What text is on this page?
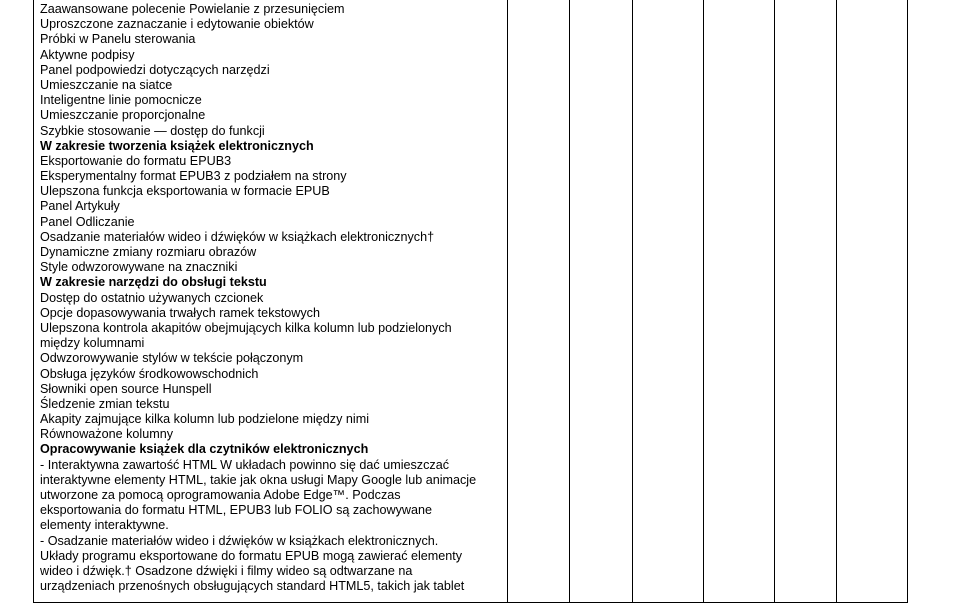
Zaawansowane polecenie Powielanie z przesunięciem
Uproszczone zaznaczanie i edytowanie obiektów
Próbki w Panelu sterowania
Aktywne podpisy
Panel podpowiedzi dotyczących narzędzi
Umieszczanie na siatce
Inteligentne linie pomocnicze
Umieszczanie proporcjonalne
Szybkie stosowanie ― dostęp do funkcji
W zakresie tworzenia książek elektronicznych
Eksportowanie do formatu EPUB3
Eksperymentalny format EPUB3 z podziałem na strony
Ulepszona funkcja eksportowania w formacie EPUB
Panel Artykuły
Panel Odliczanie
Osadzanie materiałów wideo i dźwięków w książkach elektronicznych†
Dynamiczne zmiany rozmiaru obrazów
Style odwzorowywane na znaczniki
W zakresie narzędzi do obsługi tekstu
Dostęp do ostatnio używanych czcionek
Opcje dopasowywania trwałych ramek tekstowych
Ulepszona kontrola akapitów obejmujących kilka kolumn lub podzielonych
między kolumnami
Odwzorowywanie stylów w tekście połączonym
Obsługa języków środkowowschodnich
Słowniki open source Hunspell
Śledzenie zmian tekstu
Akapity zajmujące kilka kolumn lub podzielone między nimi
Równoważone kolumny
Opracowywanie książek dla czytników elektronicznych
- Interaktywna zawartość HTML W układach powinno się dać umieszczać
interaktywne elementy HTML, takie jak okna usługi Mapy Google lub animacje
utworzone za pomocą oprogramowania Adobe Edge™. Podczas
eksportowania do formatu HTML, EPUB3 lub FOLIO są zachowywane
elementy interaktywne.
- Osadzanie materiałów wideo i dźwięków w książkach elektronicznych.
Układy programu eksportowane do formatu EPUB mogą zawierać elementy
wideo i dźwięk.† Osadzone dźwięki i filmy wideo są odtwarzane na
urządzeniach przenośnych obsługujących standard HTML5, takich jak tablet
